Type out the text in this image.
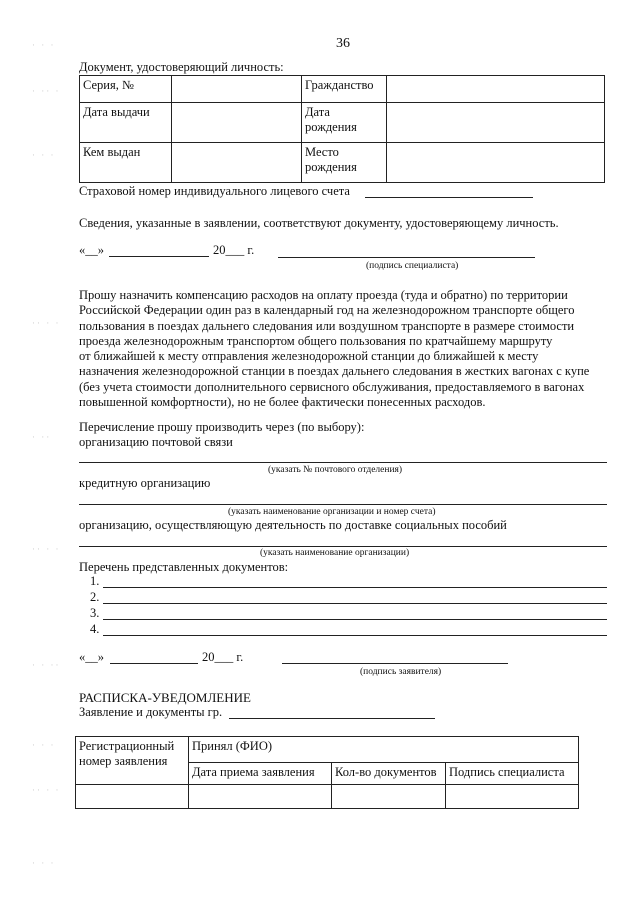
· · ·
· ·· ·
· · ·
·· · ·
· ··
·· · ·
· · ··
· · ·
·· · ·
· · ·
36
Документ, удостоверяющий личность:
Серия, №		Гражданство	
Дата выдачи		Дата
рождения	
Кем выдан		Место
рождения	
Страховой номер индивидуального лицевого счета
Сведения, указанные в заявлении, соответствуют документу, удостоверяющему личность.
«__»	20___ г.
(подпись специалиста)
Прошу назначить компенсацию расходов на оплату проезда (туда и обратно) по территории
Российской Федерации один раз в календарный год на железнодорожном транспорте общего
пользования в поездах дальнего следования или воздушном транспорте в размере стоимости
проезда железнодорожным транспортом общего пользования по кратчайшему маршруту
от ближайшей к месту отправления железнодорожной станции до ближайшей к месту
назначения железнодорожной станции в поездах дальнего следования в жестких вагонах с купе
(без учета стоимости дополнительного сервисного обслуживания, предоставляемого в вагонах
повышенной комфортности), но не более фактически понесенных расходов.
Перечисление прошу производить через (по выбору):
организацию почтовой связи
(указать № почтового отделения)
кредитную организацию
(указать наименование организации и номер счета)
организацию, осуществляющую деятельность по доставке социальных пособий
(указать наименование организации)
Перечень представленных документов:
1.
2.
3.
4.
«__»	20___ г.
(подпись заявителя)
РАСПИСКА-УВЕДОМЛЕНИЕ
Заявление и документы гр.
Регистрационный
номер заявления	Принял (ФИО)		
	Дата приема заявления	Кол-во документов	Подпись специалиста
